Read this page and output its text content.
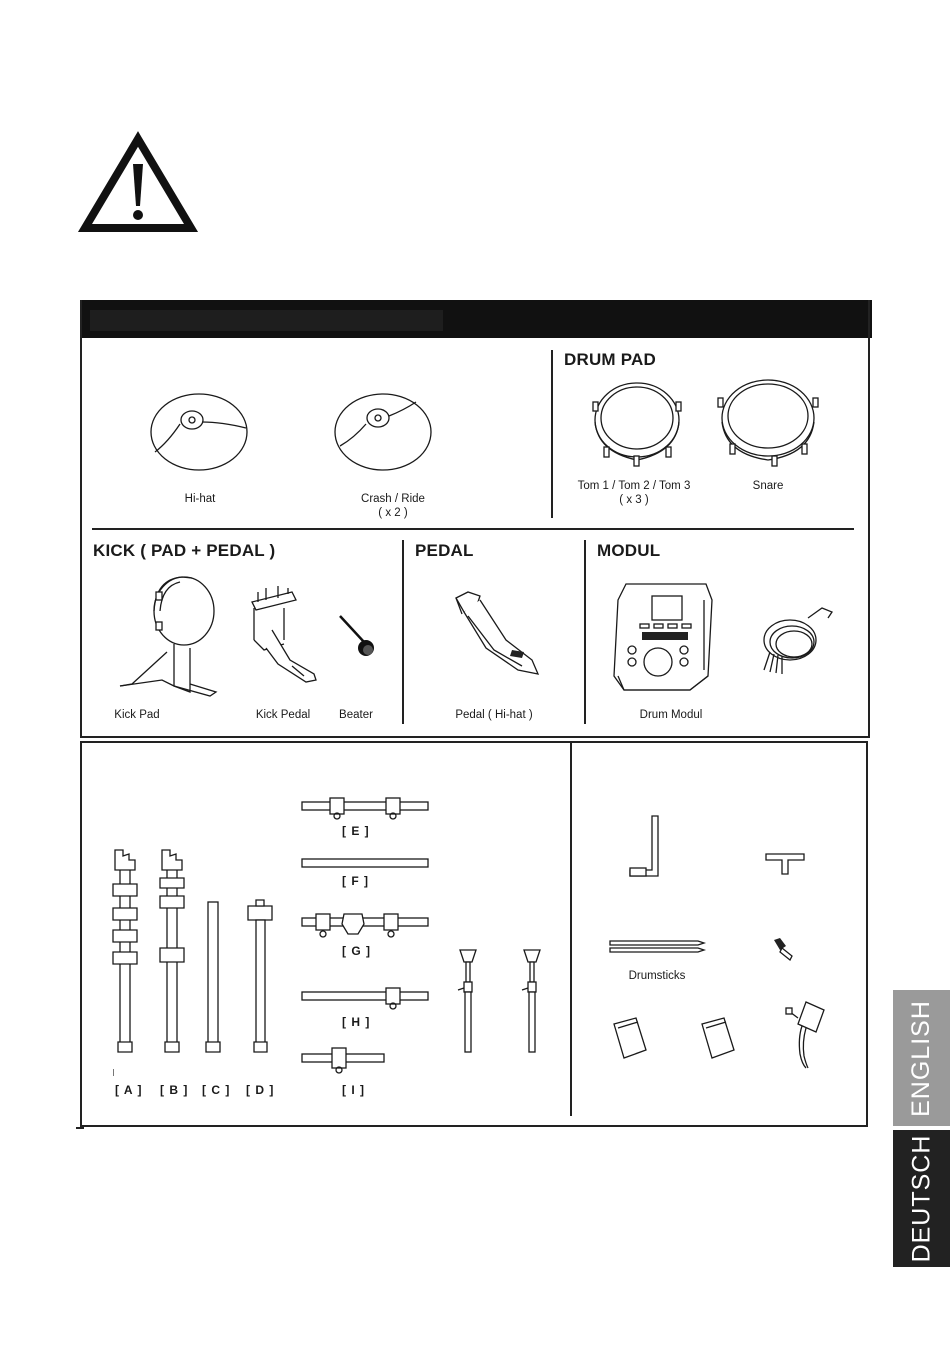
Hi-hat	Crash / Ride
( x 2 )
DRUM PAD
Tom 1 / Tom 2 / Tom 3
( x 3 )
Snare
KICK ( PAD + PEDAL )
Kick Pad	Kick Pedal	Beater
PEDAL
Pedal ( Hi-hat )
MODUL
Drum Modul
[ A ] [ B ] [ C ] [ D ]
[ E ]
[ F ]
[ G ]
[ H ]
[ I ]
Drumsticks
ENGLISH
DEUTSCH
